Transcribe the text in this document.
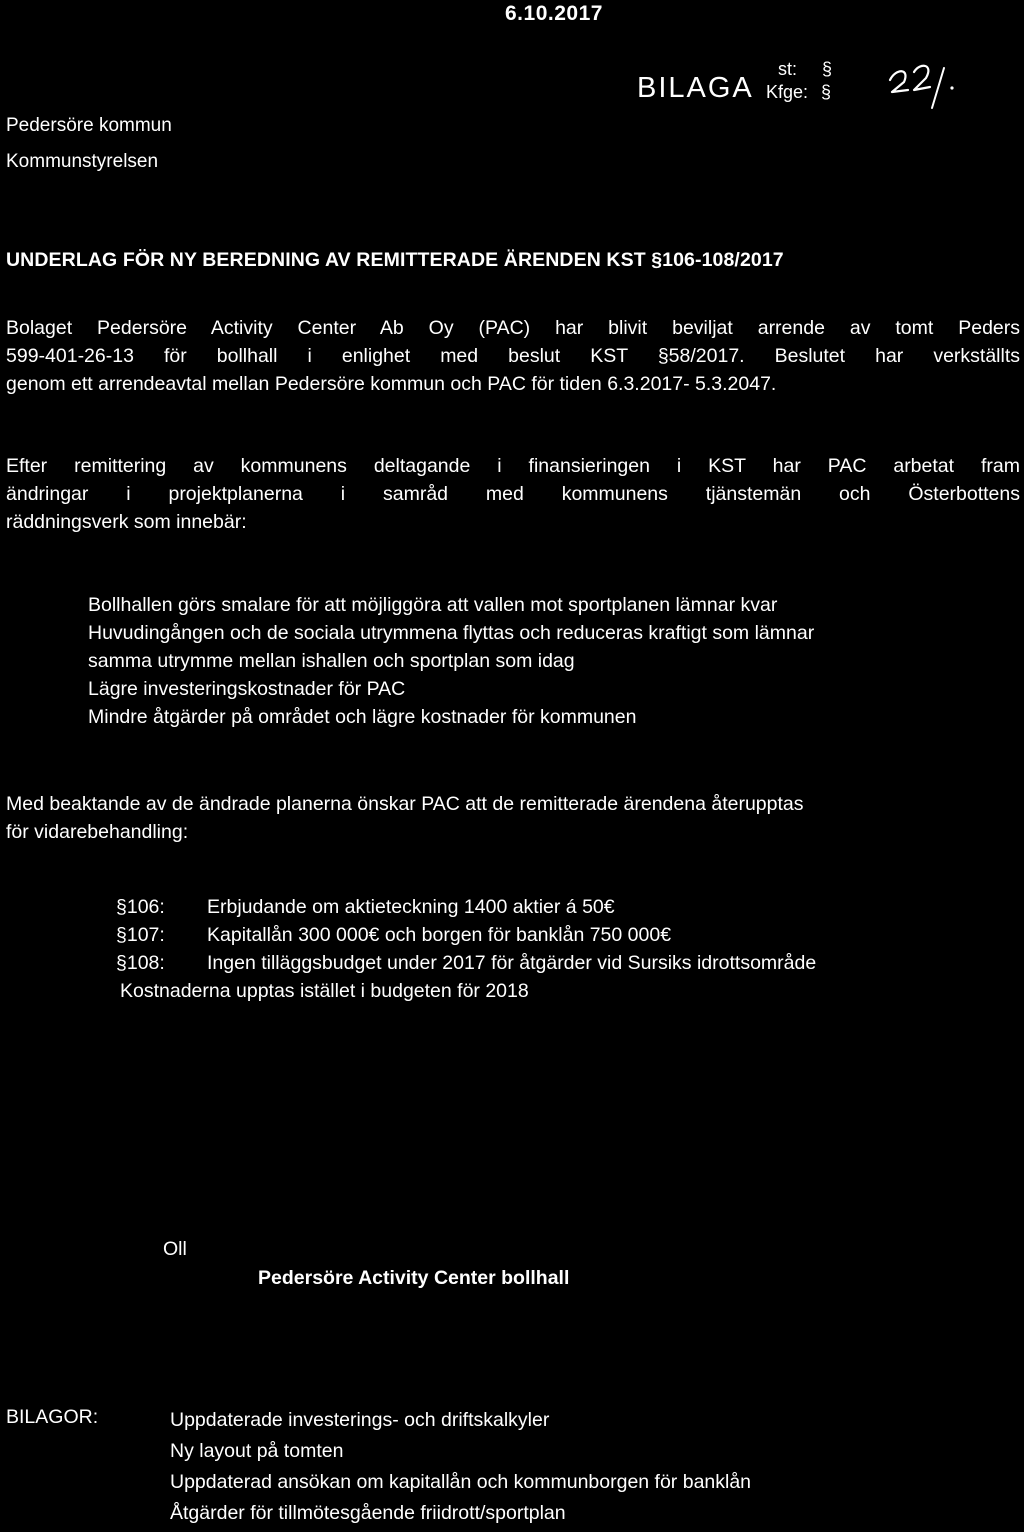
6.10.2017
BILAGA
st: §
Kfge: §
Pedersöre kommun
Kommunstyrelsen
UNDERLAG FÖR NY BEREDNING AV REMITTERADE ÄRENDEN KST §106-108/2017
Bolaget Pedersöre Activity Center Ab Oy (PAC) har blivit beviljat arrende av tomt Peders
599-401-26-13 för bollhall i enlighet med beslut KST §58/2017. Beslutet har verkställts
genom ett arrendeavtal mellan Pedersöre kommun och PAC för tiden 6.3.2017- 5.3.2047.
Efter remittering av kommunens deltagande i finansieringen i KST har PAC arbetat fram
ändringar i projektplanerna i samråd med kommunens tjänstemän och Österbottens
räddningsverk som innebär:
Bollhallen görs smalare för att möjliggöra att vallen mot sportplanen lämnar kvar
Huvudingången och de sociala utrymmena flyttas och reduceras kraftigt som lämnar
samma utrymme mellan ishallen och sportplan som idag
Lägre investeringskostnader för PAC
Mindre åtgärder på området och lägre kostnader för kommunen
Med beaktande av de ändrade planerna önskar PAC att de remitterade ärendena återupptas
för vidarebehandling:
§106: Erbjudande om aktieteckning 1400 aktier á 50€
§107: Kapitallån 300 000€ och borgen för banklån 750 000€
§108: Ingen tilläggsbudget under 2017 för åtgärder vid Sursiks idrottsområde
Kostnaderna upptas istället i budgeten för 2018
Oll
Pedersöre Activity Center bollhall
BILAGOR:	Uppdaterade investerings- och driftskalkyler
Ny layout på tomten
Uppdaterad ansökan om kapitallån och kommunborgen för banklån
Åtgärder för tillmötesgående friidrott/sportplan
